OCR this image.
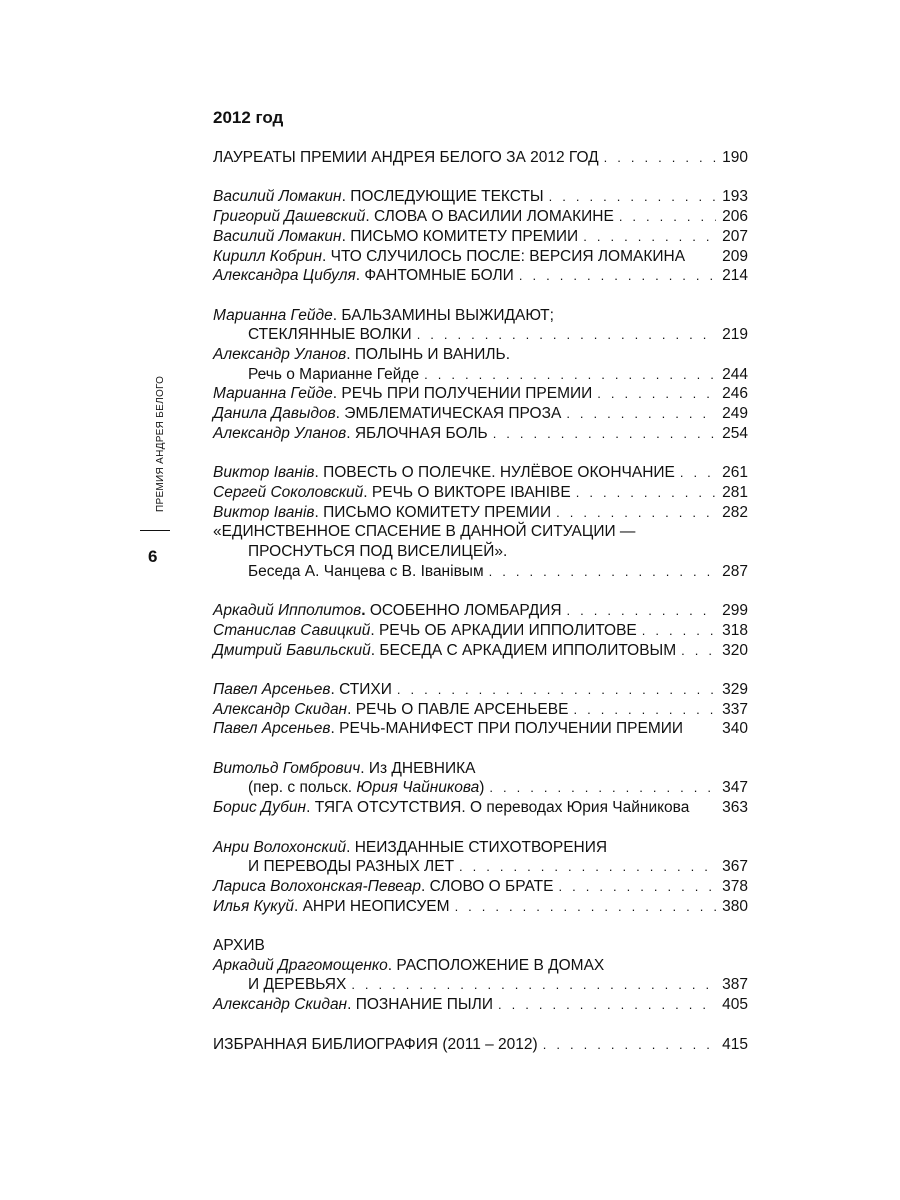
ПРЕМИЯ АНДРЕЯ БЕЛОГО
6
2012 год
ЛАУРЕАТЫ ПРЕМИИ АНДРЕЯ БЕЛОГО ЗА 2012 ГОД . . .	190
Василий Ломакин. ПОСЛЕДУЮЩИЕ ТЕКСТЫ . . .	193
Григорий Дашевский. СЛОВА О ВАСИЛИИ ЛОМАКИНЕ . . .	206
Василий Ломакин. ПИСЬМО КОМИТЕТУ ПРЕМИИ . . .	207
Кирилл Кобрин. ЧТО СЛУЧИЛОСЬ ПОСЛЕ: ВЕРСИЯ ЛОМАКИНА	209
Александра Цибуля. ФАНТОМНЫЕ БОЛИ . . .	214
Марианна Гейде. БАЛЬЗАМИНЫ ВЫЖИДАЮТ;
СТЕКЛЯННЫЕ ВОЛКИ . . .	219
Александр Уланов. ПОЛЫНЬ И ВАНИЛЬ.
Речь о Марианне Гейде . . .	244
Марианна Гейде. РЕЧЬ ПРИ ПОЛУЧЕНИИ ПРЕМИИ . . .	246
Данила Давыдов. ЭМБЛЕМАТИЧЕСКАЯ ПРОЗА . . .	249
Александр Уланов. ЯБЛОЧНАЯ БОЛЬ . . .	254
Виктор Іванів. ПОВЕСТЬ О ПОЛЕЧКЕ. НУЛЁВОЕ ОКОНЧАНИЕ . . .	261
Сергей Соколовский. РЕЧЬ О ВИКТОРЕ ІВАНІВЕ . . .	281
Виктор Іванів. ПИСЬМО КОМИТЕТУ ПРЕМИИ . . .	282
«ЕДИНСТВЕННОЕ СПАСЕНИЕ В ДАННОЙ СИТУАЦИИ —
ПРОСНУТЬСЯ ПОД ВИСЕЛИЦЕЙ».
Беседа А. Чанцева с В. Іванівым . . .	287
Аркадий Ипполитов. ОСОБЕННО ЛОМБАРДИЯ . . .	299
Станислав Савицкий. РЕЧЬ ОБ АРКАДИИ ИППОЛИТОВЕ . . .	318
Дмитрий Бавильский. БЕСЕДА С АРКАДИЕМ ИППОЛИТОВЫМ . . .	320
Павел Арсеньев. СТИХИ . . .	329
Александр Скидан. РЕЧЬ О ПАВЛЕ АРСЕНЬЕВЕ . . .	337
Павел Арсеньев. РЕЧЬ-МАНИФЕСТ ПРИ ПОЛУЧЕНИИ ПРЕМИИ	340
Витольд Гомбрович. Из ДНЕВНИКА
(пер. с польск. Юрия Чайникова) . . .	347
Борис Дубин. ТЯГА ОТСУТСТВИЯ. О переводах Юрия Чайникова	363
Анри Волохонский. НЕИЗДАННЫЕ СТИХОТВОРЕНИЯ
И ПЕРЕВОДЫ РАЗНЫХ ЛЕТ . . .	367
Лариса Волохонская-Певеар. СЛОВО О БРАТЕ . . .	378
Илья Кукуй. АНРИ НЕОПИСУЕМ . . .	380
АРХИВ
Аркадий Драгомощенко. РАСПОЛОЖЕНИЕ В ДОМАХ
И ДЕРЕВЬЯХ . . .	387
Александр Скидан. ПОЗНАНИЕ ПЫЛИ . . .	405
ИЗБРАННАЯ БИБЛИОГРАФИЯ (2011 – 2012) . . .	415
